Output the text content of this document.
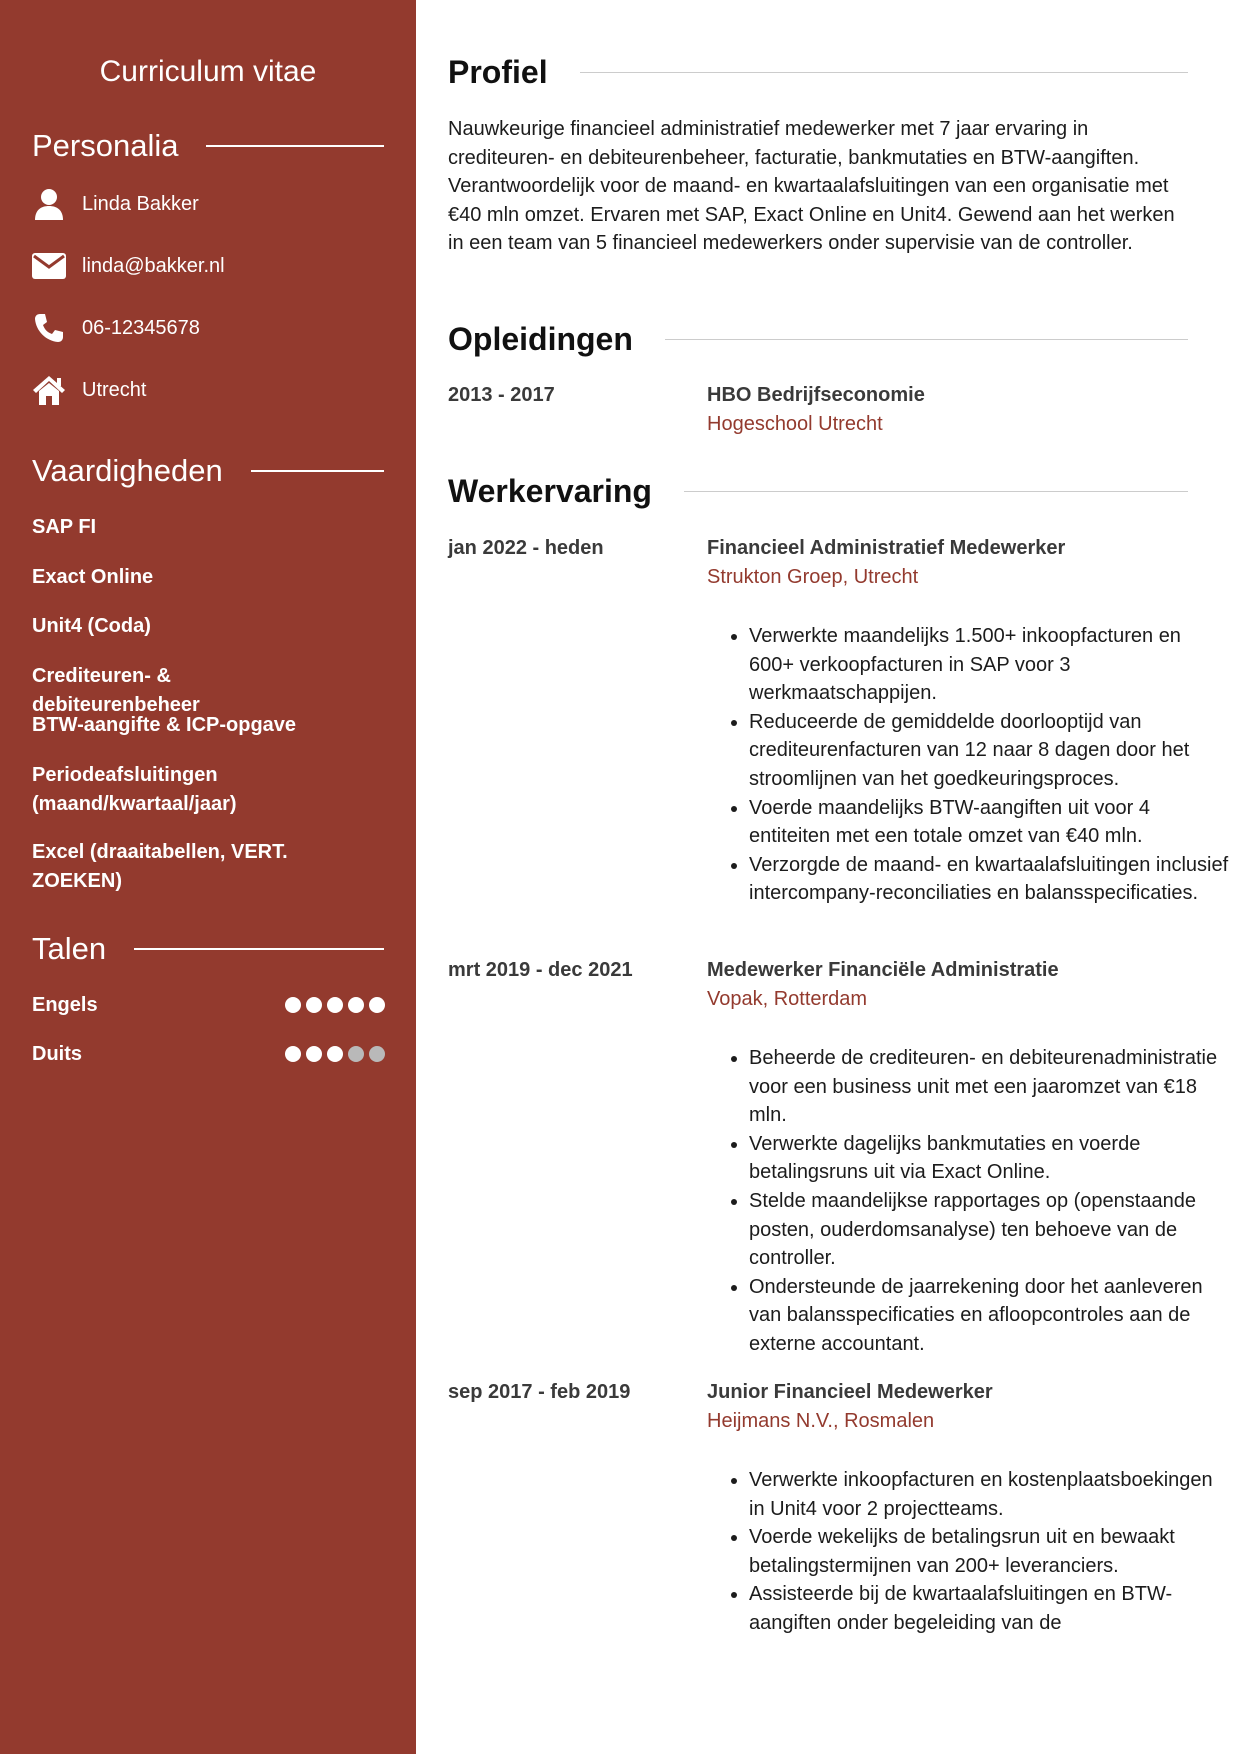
Curriculum vitae
Personalia
Linda Bakker
linda@bakker.nl
06-12345678
Utrecht
Vaardigheden
SAP FI
Exact Online
Unit4 (Coda)
Crediteuren- & debiteurenbeheer
BTW-aangifte & ICP-opgave
Periodeafsluitingen (maand/kwartaal/jaar)
Excel (draaitabellen, VERT. ZOEKEN)
Talen
Engels
Duits
Profiel
Nauwkeurige financieel administratief medewerker met 7 jaar ervaring in crediteuren- en debiteurenbeheer, facturatie, bankmutaties en BTW-aangiften. Verantwoordelijk voor de maand- en kwartaalafsluitingen van een organisatie met €40 mln omzet. Ervaren met SAP, Exact Online en Unit4. Gewend aan het werken in een team van 5 financieel medewerkers onder supervisie van de controller.
Opleidingen
2013 - 2017	HBO Bedrijfseconomie
Hogeschool Utrecht
Werkervaring
jan 2022 - heden	Financieel Administratief Medewerker
Strukton Groep, Utrecht
• Verwerkte maandelijks 1.500+ inkoopfacturen en 600+ verkoopfacturen in SAP voor 3 werkmaatschappijen.
• Reduceerde de gemiddelde doorlooptijd van crediteurenfacturen van 12 naar 8 dagen door het stroomlijnen van het goedkeuringsproces.
• Voerde maandelijks BTW-aangiften uit voor 4 entiteiten met een totale omzet van €40 mln.
• Verzorgde de maand- en kwartaalafsluitingen inclusief intercompany-reconciliaties en balansspecificaties.
mrt 2019 - dec 2021	Medewerker Financiële Administratie
Vopak, Rotterdam
• Beheerde de crediteuren- en debiteurenadministratie voor een business unit met een jaaromzet van €18 mln.
• Verwerkte dagelijks bankmutaties en voerde betalingsruns uit via Exact Online.
• Stelde maandelijkse rapportages op (openstaande posten, ouderdomsanalyse) ten behoeve van de controller.
• Ondersteunde de jaarrekening door het aanleveren van balansspecificaties en afloopcontroles aan de externe accountant.
sep 2017 - feb 2019	Junior Financieel Medewerker
Heijmans N.V., Rosmalen
• Verwerkte inkoopfacturen en kostenplaatsboekingen in Unit4 voor 2 projectteams.
• Voerde wekelijks de betalingsrun uit en bewaakt betalingstermijnen van 200+ leveranciers.
• Assisteerde bij de kwartaalafsluitingen en BTW-aangiften onder begeleiding van de
